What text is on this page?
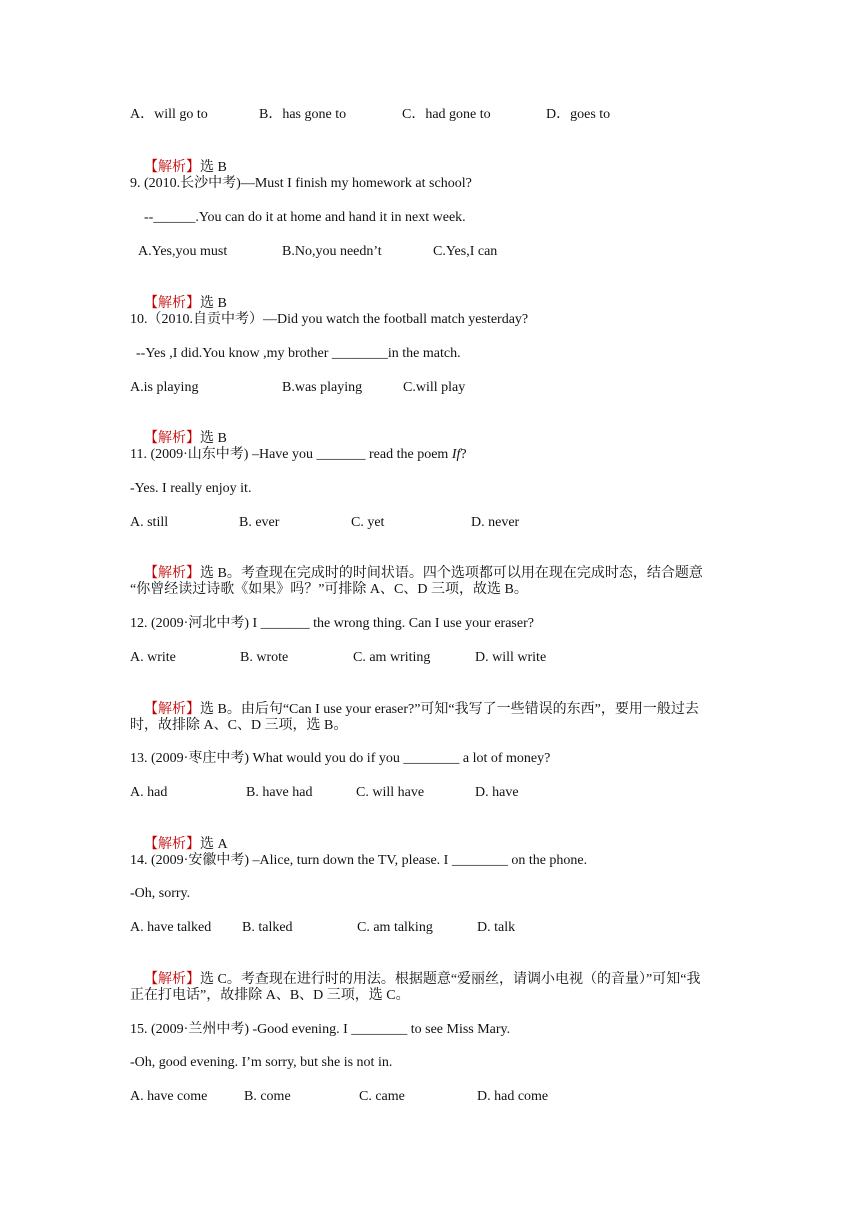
A．will go to

	B．has gone to

	C．had gone to

	D．goes to

【解析】选 B

9. (2010.长沙中考)—Must I finish my homework at school?
--______.You can do it at home and hand it in next week.

A.Yes,you must

	B.No,you needn’t

	C.Yes,I can

【解析】选 B

10.（2010.自贡中考）—Did you watch the football match yesterday?
--Yes ,I did.You know ,my brother ________in the match.

A.is playing

	B.was playing

	C.will play

【解析】选 B

11. (2009·山东中考) –Have you _______ read the poem If?
-Yes. I really enjoy it.

A. still

	B. ever

	C. yet

	D. never

【解析】选 B。考查现在完成时的时间状语。四个选项都可以用在现在完成时态，结合题意

“你曾经读过诗歌《如果》吗？”可排除 A、C、D 三项，故选 B。
12. (2009·河北中考) I _______ the wrong thing. Can I use your eraser?

A. write

	B. wrote

	C. am writing

	D. will write

【解析】选 B。由后句“Can I use your eraser?”可知“我写了一些错误的东西”，要用一般过去

时，故排除 A、C、D 三项，选 B。
13. (2009·枣庄中考) What would you do if you ________ a lot of money?

A. had

	B. have had

	C. will have

	D. have

【解析】选 A

14. (2009·安徽中考) –Alice, turn down the TV, please. I ________ on the phone.
-Oh, sorry.

A. have talked

B. talked

	C. am talking

	D. talk

【解析】选 C。考查现在进行时的用法。根据题意“爱丽丝，请调小电视（的音量）”可知“我

正在打电话”，故排除 A、B、D 三项，选 C。
15. (2009·兰州中考) -Good evening. I ________ to see Miss Mary.
-Oh, good evening. I’m sorry, but she is not in.

A. have come

	B. come

	C. came

	D. had come
